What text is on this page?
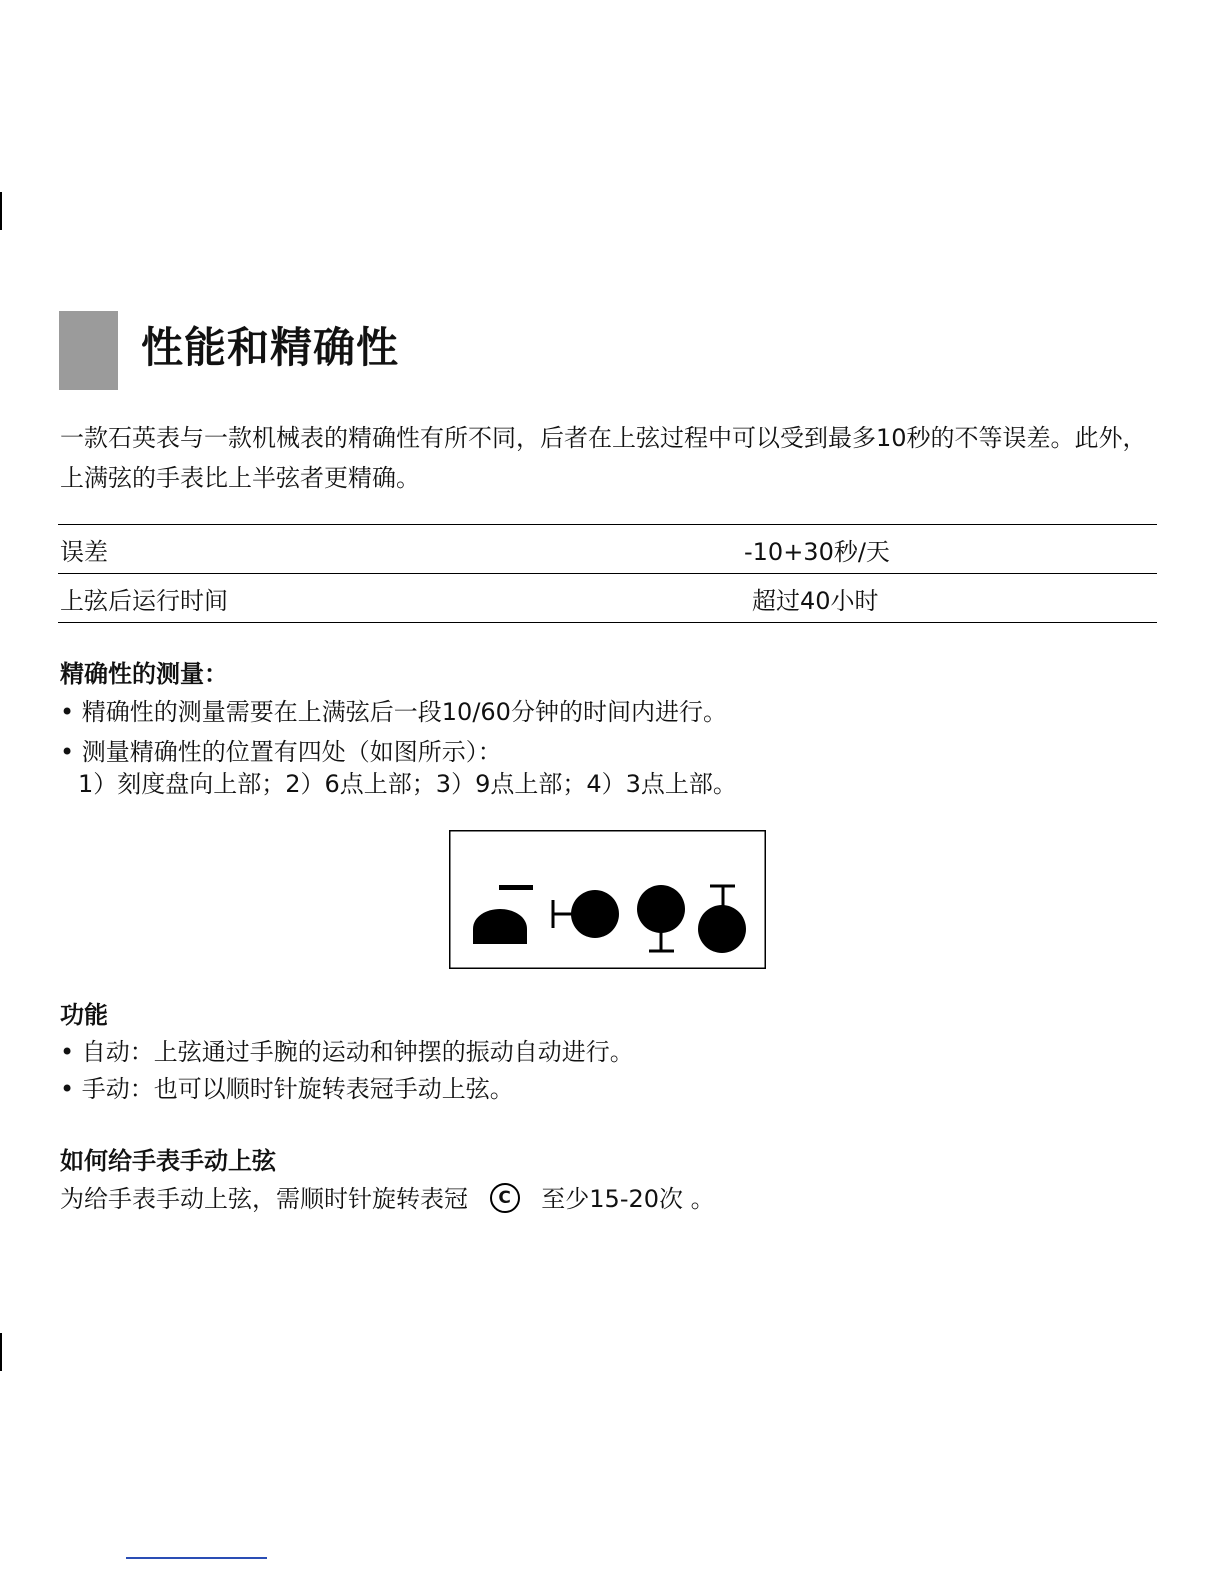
性能和精确性
一款石英表与一款机械表的精确性有所不同，后者在上弦过程中可以受到最多10秒的不等误差。此外，上满弦的手表比上半弦者更精确。
误差	-10+30秒/天
上弦后运行时间	超过40小时
精确性的测量：
• 精确性的测量需要在上满弦后一段10/60分钟的时间内进行。
• 测量精确性的位置有四处（如图所示）：
1）刻度盘向上部；2）6点上部；3）9点上部；4）3点上部。
功能
• 自动：上弦通过手腕的运动和钟摆的振动自动进行。
• 手动：也可以顺时针旋转表冠手动上弦。
如何给手表手动上弦
为给手表手动上弦，需顺时针旋转表冠 C 至少15-20次 。
